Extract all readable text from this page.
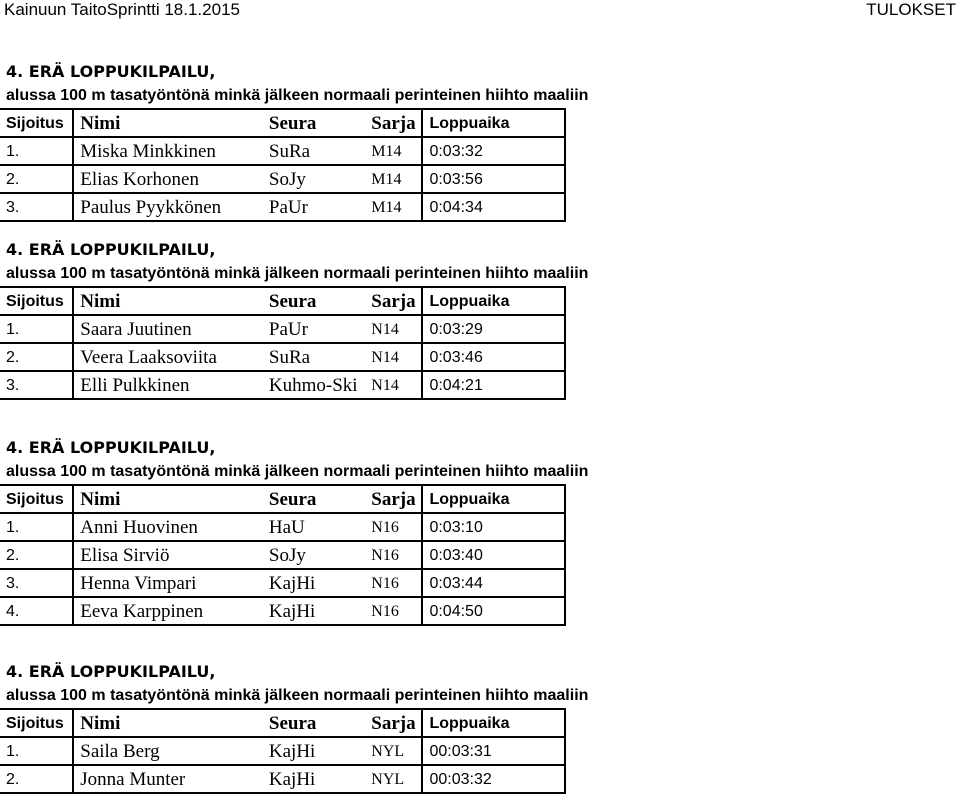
Kainuun TaitoSprintti 18.1.2015	TULOKSET
4. ERÄ LOPPUKILPAILU,
alussa 100 m tasatyöntönä minkä jälkeen normaali perinteinen hiihto maaliin
Sijoitus	Nimi	Seura	Sarja	Loppuaika
1.	Miska Minkkinen	SuRa	M14	0:03:32
2.	Elias Korhonen	SoJy	M14	0:03:56
3.	Paulus Pyykkönen	PaUr	M14	0:04:34
4. ERÄ LOPPUKILPAILU,
alussa 100 m tasatyöntönä minkä jälkeen normaali perinteinen hiihto maaliin
Sijoitus	Nimi	Seura	Sarja	Loppuaika
1.	Saara Juutinen	PaUr	N14	0:03:29
2.	Veera Laaksoviita	SuRa	N14	0:03:46
3.	Elli Pulkkinen	Kuhmo-Ski	N14	0:04:21
4. ERÄ LOPPUKILPAILU,
alussa 100 m tasatyöntönä minkä jälkeen normaali perinteinen hiihto maaliin
Sijoitus	Nimi	Seura	Sarja	Loppuaika
1.	Anni Huovinen	HaU	N16	0:03:10
2.	Elisa Sirviö	SoJy	N16	0:03:40
3.	Henna Vimpari	KajHi	N16	0:03:44
4.	Eeva Karppinen	KajHi	N16	0:04:50
4. ERÄ LOPPUKILPAILU,
alussa 100 m tasatyöntönä minkä jälkeen normaali perinteinen hiihto maaliin
Sijoitus	Nimi	Seura	Sarja	Loppuaika
1.	Saila Berg	KajHi	NYL	00:03:31
2.	Jonna Munter	KajHi	NYL	00:03:32
